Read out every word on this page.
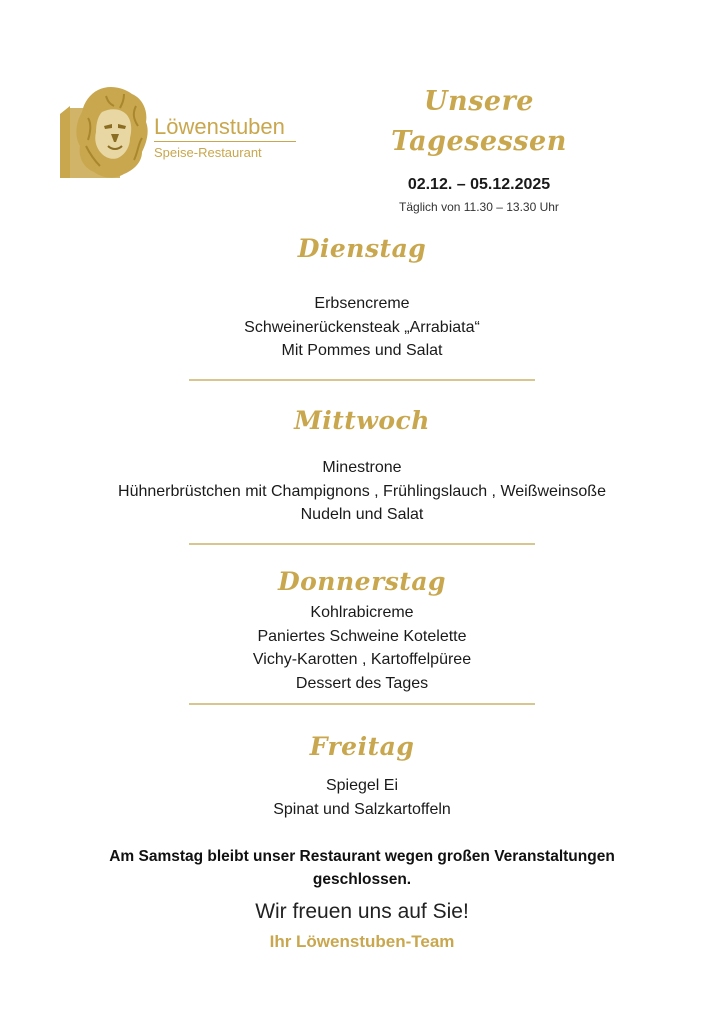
Löwenstuben
Speise-Restaurant
Unsere Tagesessen
02.12. – 05.12.2025
Täglich von 11.30 – 13.30 Uhr
Dienstag
Erbsencreme
Schweinerückensteak „Arrabiata“
Mit Pommes und Salat
Mittwoch
Minestrone
Hühnerbrüstchen mit Champignons , Frühlingslauch , Weißweinsoße
Nudeln und Salat
Donnerstag
Kohlrabicreme
Paniertes Schweine Kotelette
Vichy-Karotten , Kartoffelpüree
Dessert des Tages
Freitag
Spiegel Ei
Spinat und Salzkartoffeln
Am Samstag bleibt unser Restaurant wegen großen Veranstaltungen geschlossen.
Wir freuen uns auf Sie!
Ihr Löwenstuben-Team
